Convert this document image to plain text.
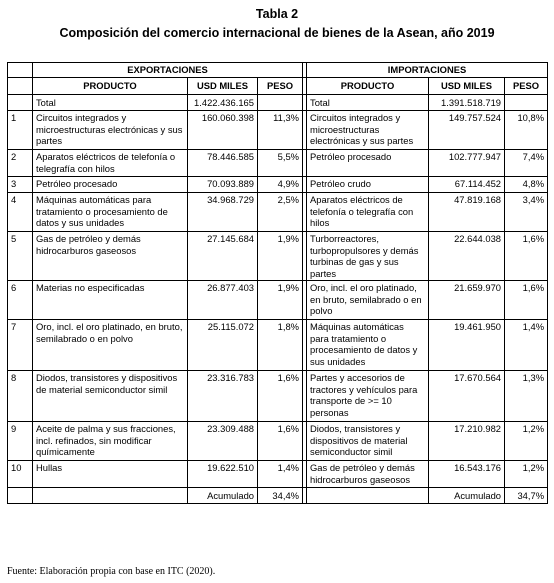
Tabla 2
Composición del comercio internacional de bienes de la Asean, año 2019
	EXPORTACIONES				IMPORTACIONES		
	PRODUCTO	USD MILES	PESO		PRODUCTO	USD MILES	PESO
	Total	1.422.436.165			Total	1.391.518.719	
1	Circuitos integrados y microestructuras electrónicas y sus partes	160.060.398	11,3%		Circuitos integrados y microestructuras electrónicas y sus partes	149.757.524	10,8%
2	Aparatos eléctricos de telefonía o telegrafía con hilos	78.446.585	5,5%		Petróleo procesado	102.777.947	7,4%
3	Petróleo procesado	70.093.889	4,9%		Petróleo crudo	67.114.452	4,8%
4	Máquinas automáticas para tratamiento o procesamiento de datos y sus unidades	34.968.729	2,5%		Aparatos eléctricos de telefonía o telegrafía con hilos	47.819.168	3,4%
5	Gas de petróleo y demás hidrocarburos gaseosos	27.145.684	1,9%		Turborreactores, turbopropulsores y demás turbinas de gas y sus partes	22.644.038	1,6%
6	Materias no especificadas	26.877.403	1,9%		Oro, incl. el oro platinado, en bruto, semilabrado o en polvo	21.659.970	1,6%
7	Oro, incl. el oro platinado, en bruto, semilabrado o en polvo	25.115.072	1,8%		Máquinas automáticas para tratamiento o procesamiento de datos y sus unidades	19.461.950	1,4%
8	Diodos, transistores y dispositivos de material semiconductor simil	23.316.783	1,6%		Partes y accesorios de tractores y vehículos para transporte de >= 10 personas	17.670.564	1,3%
9	Aceite de palma y sus fracciones, incl. refinados, sin modificar químicamente	23.309.488	1,6%		Diodos, transistores y dispositivos de material semiconductor simil	17.210.982	1,2%
10	Hullas	19.622.510	1,4%		Gas de petróleo y demás hidrocarburos gaseosos	16.543.176	1,2%
		Acumulado	34,4%			Acumulado	34,7%
Fuente: Elaboración propia con base en ITC (2020).
